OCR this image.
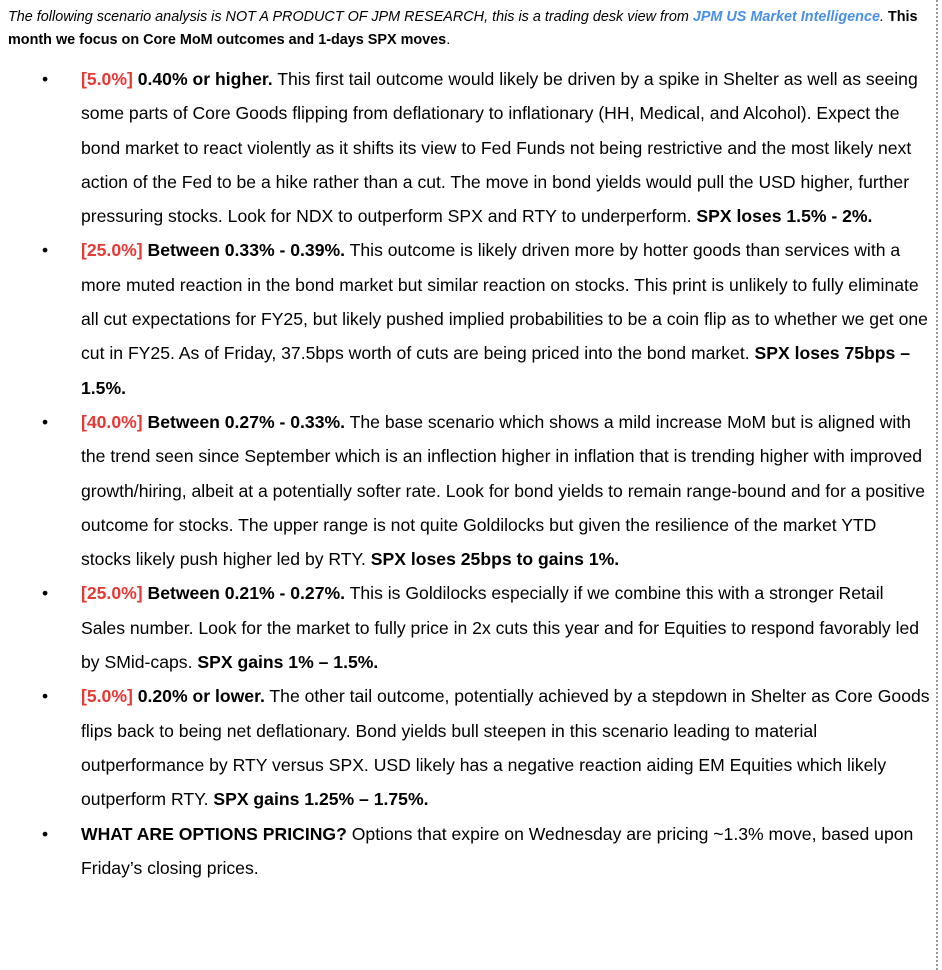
The following scenario analysis is NOT A PRODUCT OF JPM RESEARCH, this is a trading desk view from JPM US Market Intelligence. This month we focus on Core MoM outcomes and 1-days SPX moves.
• [5.0%] 0.40% or higher. This first tail outcome would likely be driven by a spike in Shelter as well as seeing some parts of Core Goods flipping from deflationary to inflationary (HH, Medical, and Alcohol). Expect the bond market to react violently as it shifts its view to Fed Funds not being restrictive and the most likely next action of the Fed to be a hike rather than a cut. The move in bond yields would pull the USD higher, further pressuring stocks. Look for NDX to outperform SPX and RTY to underperform. SPX loses 1.5% - 2%.
• [25.0%] Between 0.33% - 0.39%. This outcome is likely driven more by hotter goods than services with a more muted reaction in the bond market but similar reaction on stocks. This print is unlikely to fully eliminate all cut expectations for FY25, but likely pushed implied probabilities to be a coin flip as to whether we get one cut in FY25. As of Friday, 37.5bps worth of cuts are being priced into the bond market. SPX loses 75bps – 1.5%.
• [40.0%] Between 0.27% - 0.33%. The base scenario which shows a mild increase MoM but is aligned with the trend seen since September which is an inflection higher in inflation that is trending higher with improved growth/hiring, albeit at a potentially softer rate. Look for bond yields to remain range-bound and for a positive outcome for stocks. The upper range is not quite Goldilocks but given the resilience of the market YTD stocks likely push higher led by RTY. SPX loses 25bps to gains 1%.
• [25.0%] Between 0.21% - 0.27%. This is Goldilocks especially if we combine this with a stronger Retail Sales number. Look for the market to fully price in 2x cuts this year and for Equities to respond favorably led by SMid-caps. SPX gains 1% – 1.5%.
• [5.0%] 0.20% or lower. The other tail outcome, potentially achieved by a stepdown in Shelter as Core Goods flips back to being net deflationary. Bond yields bull steepen in this scenario leading to material outperformance by RTY versus SPX. USD likely has a negative reaction aiding EM Equities which likely outperform RTY. SPX gains 1.25% – 1.75%.
• WHAT ARE OPTIONS PRICING? Options that expire on Wednesday are pricing ~1.3% move, based upon Friday’s closing prices.
